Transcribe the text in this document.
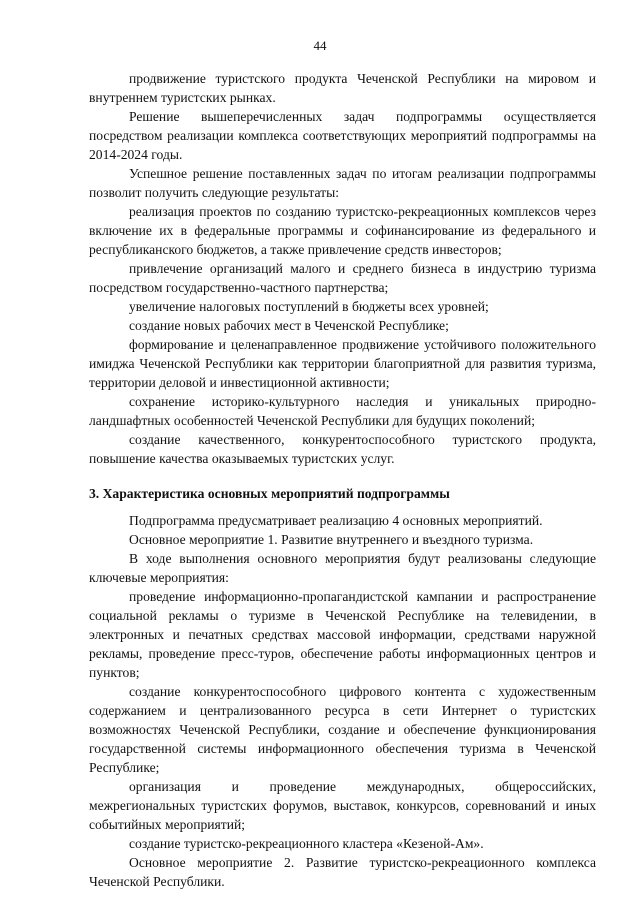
44

продвижение туристского продукта Чеченской Республики на мировом и внутреннем туристских рынках.

Решение вышеперечисленных задач подпрограммы осуществляется посредством реализации комплекса соответствующих мероприятий подпрограммы на 2014-2024 годы.

Успешное решение поставленных задач по итогам реализации подпрограммы позволит получить следующие результаты:

реализация проектов по созданию туристско-рекреационных комплексов через включение их в федеральные программы и софинансирование из федерального и республиканского бюджетов, а также привлечение средств инвесторов;

привлечение организаций малого и среднего бизнеса в индустрию туризма посредством государственно-частного партнерства;

увеличение налоговых поступлений в бюджеты всех уровней;

создание новых рабочих мест в Чеченской Республике;

формирование и целенаправленное продвижение устойчивого положительного имиджа Чеченской Республики как территории благоприятной для развития туризма, территории деловой и инвестиционной активности;

сохранение историко-культурного наследия и уникальных природно-ландшафтных особенностей Чеченской Республики для будущих поколений;

создание качественного, конкурентоспособного туристского продукта, повышение качества оказываемых туристских услуг.

3. Характеристика основных мероприятий подпрограммы

Подпрограмма предусматривает реализацию 4 основных мероприятий.

Основное мероприятие 1. Развитие внутреннего и въездного туризма.

В ходе выполнения основного мероприятия будут реализованы следующие ключевые мероприятия:

проведение информационно-пропагандистской кампании и распространение социальной рекламы о туризме в Чеченской Республике на телевидении, в электронных и печатных средствах массовой информации, средствами наружной рекламы, проведение пресс-туров, обеспечение работы информационных центров и пунктов;

создание конкурентоспособного цифрового контента с художественным содержанием и централизованного ресурса в сети Интернет о туристских возможностях Чеченской Республики, создание и обеспечение функционирования государственной системы информационного обеспечения туризма в Чеченской Республике;

организация и проведение международных, общероссийских, межрегиональных туристских форумов, выставок, конкурсов, соревнований и иных событийных мероприятий;

создание туристско-рекреационного кластера «Кезеной-Ам».

Основное мероприятие 2. Развитие туристско-рекреационного комплекса Чеченской Республики.
